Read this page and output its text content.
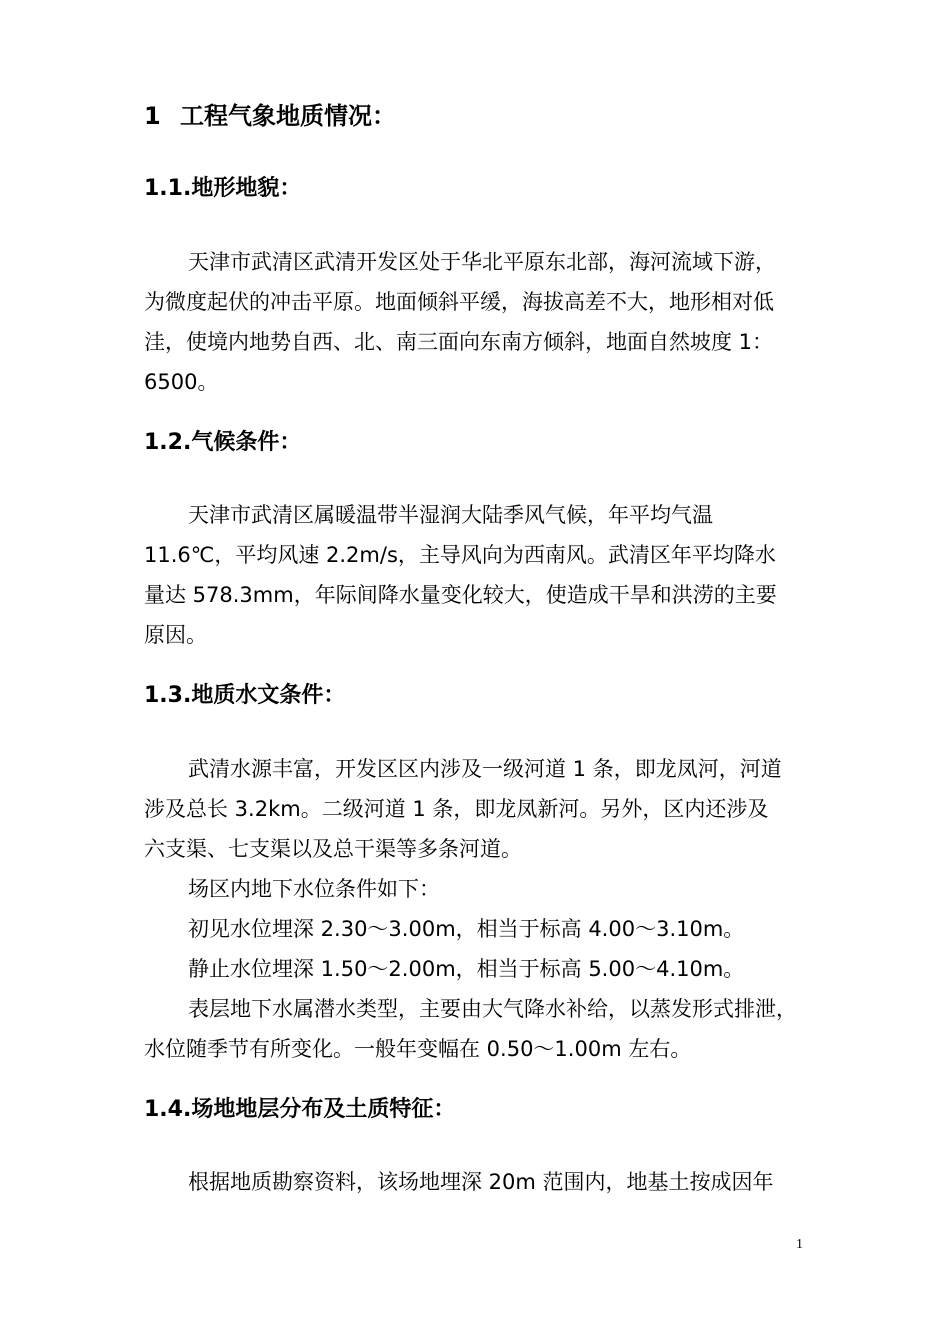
1 工程气象地质情况：
1.1.地形地貌：
天津市武清区武清开发区处于华北平原东北部，海河流域下游，
为微度起伏的冲击平原。地面倾斜平缓，海拔高差不大，地形相对低
洼，使境内地势自西、北、南三面向东南方倾斜，地面自然坡度 1：
6500。
1.2.气候条件：
天津市武清区属暖温带半湿润大陆季风气候，年平均气温
11.6℃，平均风速 2.2m/s，主导风向为西南风。武清区年平均降水
量达 578.3mm，年际间降水量变化较大，使造成干旱和洪涝的主要
原因。
1.3.地质水文条件：
武清水源丰富，开发区区内涉及一级河道 1 条，即龙凤河，河道
涉及总长 3.2km。二级河道 1 条，即龙凤新河。另外，区内还涉及
六支渠、七支渠以及总干渠等多条河道。
场区内地下水位条件如下：
初见水位埋深 2.30～3.00m，相当于标高 4.00～3.10m。
静止水位埋深 1.50～2.00m，相当于标高 5.00～4.10m。
表层地下水属潜水类型，主要由大气降水补给，以蒸发形式排泄，
水位随季节有所变化。一般年变幅在 0.50～1.00m 左右。
1.4.场地地层分布及土质特征：
根据地质勘察资料，该场地埋深 20m 范围内，地基土按成因年
1
